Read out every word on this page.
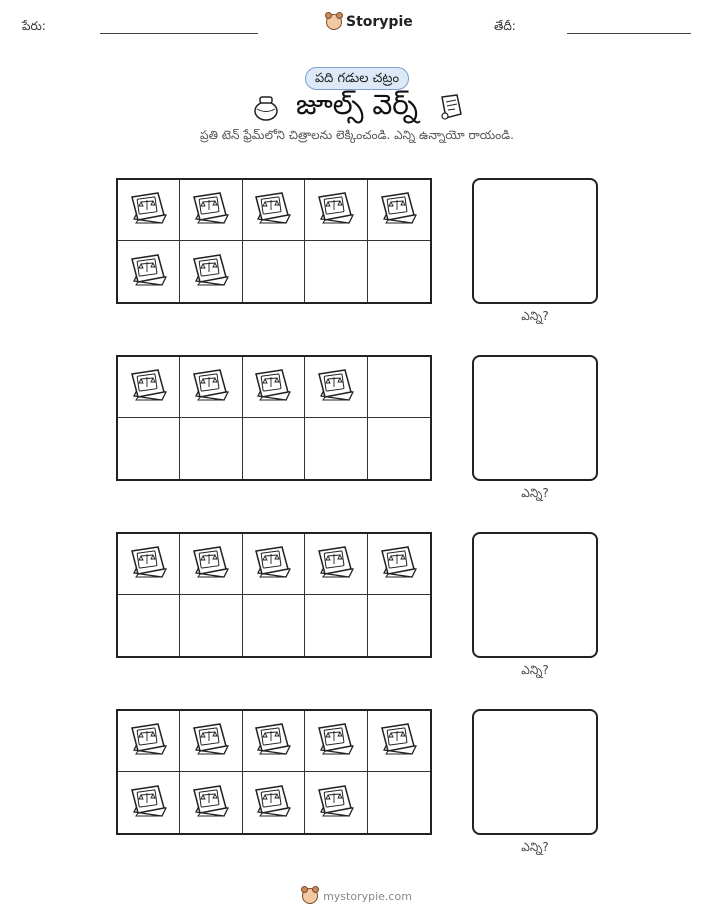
పేరు:	Storypie	తేదీ:
పది గడుల చట్రం
జూల్స్ వెర్న్
ప్రతి టెన్ ఫ్రేమ్‌లోని చిత్రాలను లెక్కించండి. ఎన్ని ఉన్నాయో రాయండి.
ఎన్ని?
ఎన్ని?
ఎన్ని?
ఎన్ని?
mystorypie.com
